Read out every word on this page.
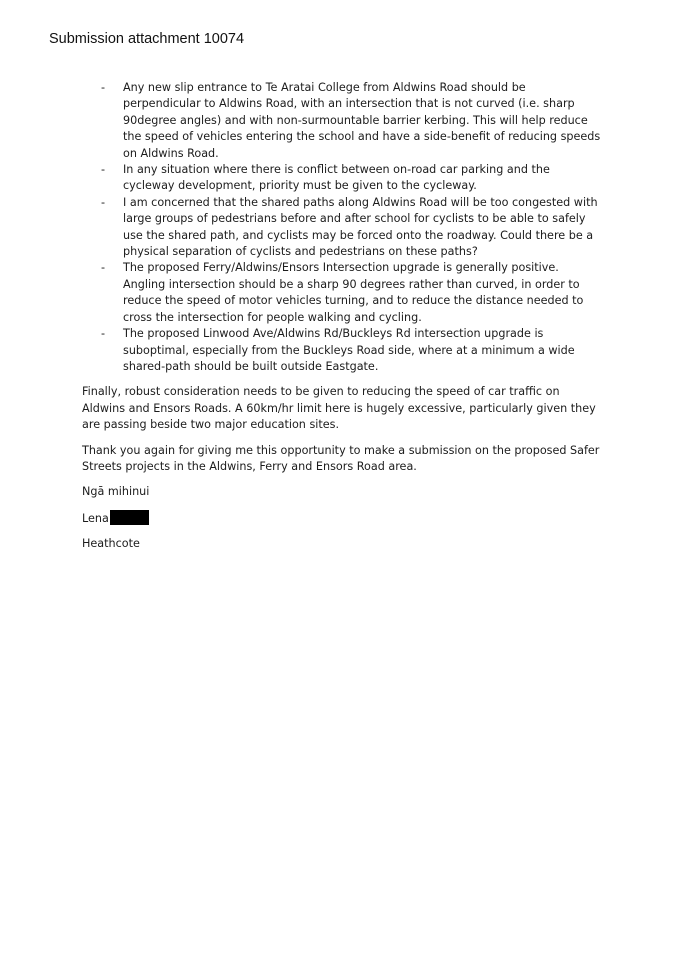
Submission attachment 10074
- Any new slip entrance to Te Aratai College from Aldwins Road should be perpendicular to Aldwins Road, with an intersection that is not curved (i.e. sharp 90degree angles) and with non-surmountable barrier kerbing. This will help reduce the speed of vehicles entering the school and have a side-benefit of reducing speeds on Aldwins Road.
- In any situation where there is conflict between on-road car parking and the cycleway development, priority must be given to the cycleway.
- I am concerned that the shared paths along Aldwins Road will be too congested with large groups of pedestrians before and after school for cyclists to be able to safely use the shared path, and cyclists may be forced onto the roadway. Could there be a physical separation of cyclists and pedestrians on these paths?
- The proposed Ferry/Aldwins/Ensors Intersection upgrade is generally positive. Angling intersection should be a sharp 90 degrees rather than curved, in order to reduce the speed of motor vehicles turning, and to reduce the distance needed to cross the intersection for people walking and cycling.
- The proposed Linwood Ave/Aldwins Rd/Buckleys Rd intersection upgrade is suboptimal, especially from the Buckleys Road side, where at a minimum a wide shared-path should be built outside Eastgate.

Finally, robust consideration needs to be given to reducing the speed of car traffic on Aldwins and Ensors Roads. A 60km/hr limit here is hugely excessive, particularly given they are passing beside two major education sites.

Thank you again for giving me this opportunity to make a submission on the proposed Safer Streets projects in the Aldwins, Ferry and Ensors Road area.

Ngā mihinui

Lena

Heathcote
